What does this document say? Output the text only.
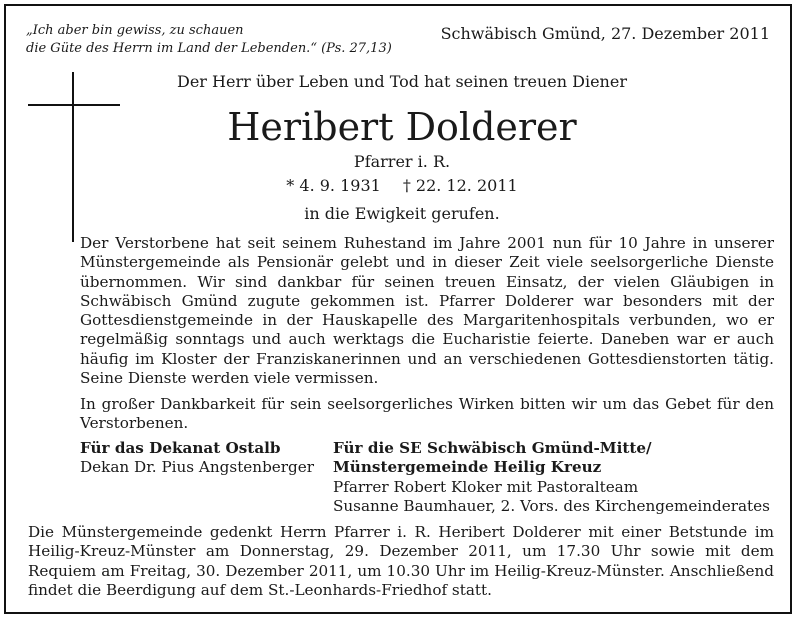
„Ich aber bin gewiss, zu schauen
die Güte des Herrn im Land der Lebenden.“ (Ps. 27,13)
Schwäbisch Gmünd, 27. Dezember 2011
Der Herr über Leben und Tod hat seinen treuen Diener
Heribert Dolderer
Pfarrer i. R.
* 4. 9. 1931 † 22. 12. 2011
in die Ewigkeit gerufen.
Der Verstorbene hat seit seinem Ruhestand im Jahre 2001 nun für 10 Jahre in unserer Münstergemeinde als Pensionär gelebt und in dieser Zeit viele seelsorgerliche Dienste übernommen. Wir sind dankbar für seinen treuen Einsatz, der vielen Gläubigen in Schwäbisch Gmünd zugute gekommen ist. Pfarrer Dolderer war besonders mit der Gottesdienstgemeinde in der Hauskapelle des Margaritenhospitals verbunden, wo er regelmäßig sonntags und auch werktags die Eucharistie feierte. Daneben war er auch häufig im Kloster der Franziskanerinnen und an verschiedenen Gottesdienstorten tätig. Seine Dienste werden viele vermissen.
In großer Dankbarkeit für sein seelsorgerliches Wirken bitten wir um das Gebet für den Verstorbenen.
Für das Dekanat Ostalb
Dekan Dr. Pius Angstenberger
Für die SE Schwäbisch Gmünd-Mitte/
Münstergemeinde Heilig Kreuz
Pfarrer Robert Kloker mit Pastoralteam
Susanne Baumhauer, 2. Vors. des Kirchengemeinderates
Die Münstergemeinde gedenkt Herrn Pfarrer i. R. Heribert Dolderer mit einer Betstunde im Heilig-Kreuz-Münster am Donnerstag, 29. Dezember 2011, um 17.30 Uhr sowie mit dem Requiem am Freitag, 30. Dezember 2011, um 10.30 Uhr im Heilig-Kreuz-Münster. Anschließend findet die Beerdigung auf dem St.-Leonhards-Friedhof statt.
